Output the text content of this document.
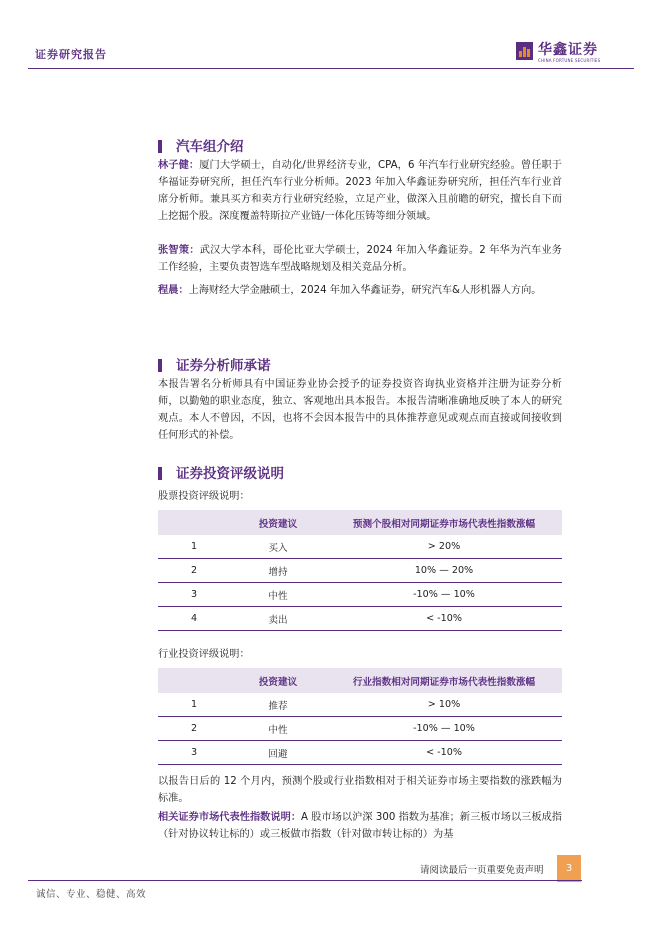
证券研究报告	华鑫证券
CHINA FORTUNE SECURITIES
汽车组介绍

林子健：厦门大学硕士，自动化/世界经济专业，CPA，6 年汽车行业研究经验。曾任职于华福证券研究所，担任汽车行业分析师。2023 年加入华鑫证券研究所，担任汽车行业首席分析师。兼具买方和卖方行业研究经验，立足产业，做深入且前瞻的研究，擅长自下而上挖掘个股。深度覆盖特斯拉产业链/一体化压铸等细分领域。

张智策：武汉大学本科，哥伦比亚大学硕士，2024 年加入华鑫证券。2 年华为汽车业务工作经验，主要负责智选车型战略规划及相关竞品分析。

程晨：上海财经大学金融硕士，2024 年加入华鑫证券，研究汽车&人形机器人方向。

证券分析师承诺

本报告署名分析师具有中国证券业协会授予的证券投资咨询执业资格并注册为证券分析师，以勤勉的职业态度，独立、客观地出具本报告。本报告清晰准确地反映了本人的研究观点。本人不曾因，不因，也将不会因本报告中的具体推荐意见或观点而直接或间接收到任何形式的补偿。

证券投资评级说明
股票投资评级说明：
	投资建议	预测个股相对同期证券市场代表性指数涨幅
1	买入	> 20%
2	增持	10% — 20%
3	中性	-10% — 10%
4	卖出	< -10%
行业投资评级说明：
	投资建议	行业指数相对同期证券市场代表性指数涨幅
1	推荐	> 10%
2	中性	-10% — 10%
3	回避	< -10%

以报告日后的 12 个月内，预测个股或行业指数相对于相关证券市场主要指数的涨跌幅为标准。

相关证券市场代表性指数说明：A 股市场以沪深 300 指数为基准；新三板市场以三板成指（针对协议转让标的）或三板做市指数（针对做市转让标的）为基

请阅读最后一页重要免责声明	3
诚信、专业、稳健、高效
